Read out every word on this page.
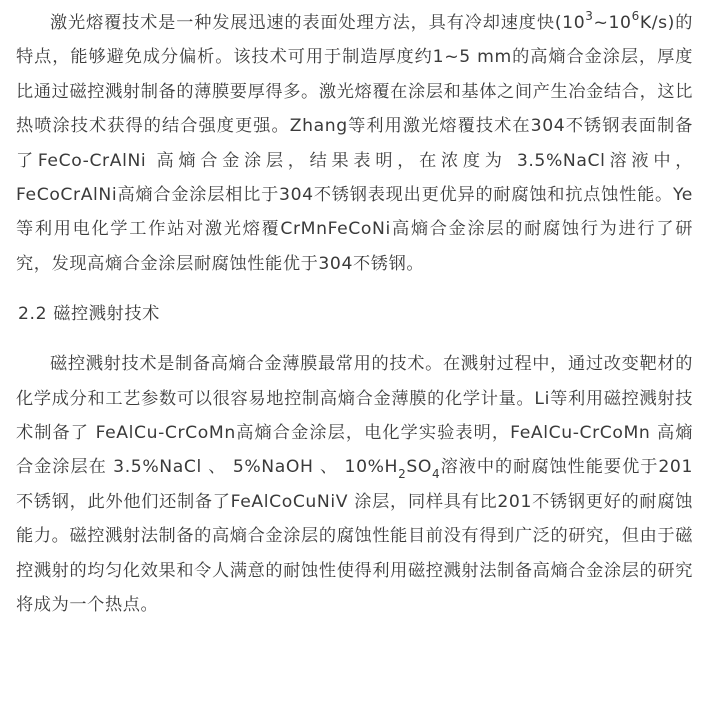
激光熔覆技术是一种发展迅速的表面处理方法，具有冷却速度快$(10^3\sim 10^6K/s)$的特点，能够避免成分偏析。该技术可用于制造厚度约1~5 mm的高熵合金涂层，厚度比通过磁控溅射制备的薄膜要厚得多。激光熔覆在涂层和基体之间产生冶金结合，这比热喷涂技术获得的结合强度更强。Zhang等利用激光熔覆技术在304不锈钢表面制备了FeCo-CrAlNi 高熵合金涂层，结果表明，在浓度为 3.5%NaCl溶液中，FeCoCrAlNi高熵合金涂层相比于304不锈钢表现出更优异的耐腐蚀和抗点蚀性能。Ye等利用电化学工作站对激光熔覆CrMnFeCoNi高熵合金涂层的耐腐蚀行为进行了研究，发现高熵合金涂层耐腐蚀性能优于304不锈钢。

2.2 磁控溅射技术

磁控溅射技术是制备高熵合金薄膜最常用的技术。在溅射过程中，通过改变靶材的化学成分和工艺参数可以很容易地控制高熵合金薄膜的化学计量。Li等利用磁控溅射技术制备了 FeAlCu-CrCoMn高熵合金涂层，电化学实验表明，FeAlCu-CrCoMn 高熵合金涂层在 3.5%NaCl 、 5%NaOH 、 $10\%H_2SO_4$溶液中的耐腐蚀性能要优于201不锈钢，此外他们还制备了FeAlCoCuNiV 涂层，同样具有比201不锈钢更好的耐腐蚀能力。磁控溅射法制备的高熵合金涂层的腐蚀性能目前没有得到广泛的研究，但由于磁控溅射的均匀化效果和令人满意的耐蚀性使得利用磁控溅射法制备高熵合金涂层的研究将成为一个热点。
